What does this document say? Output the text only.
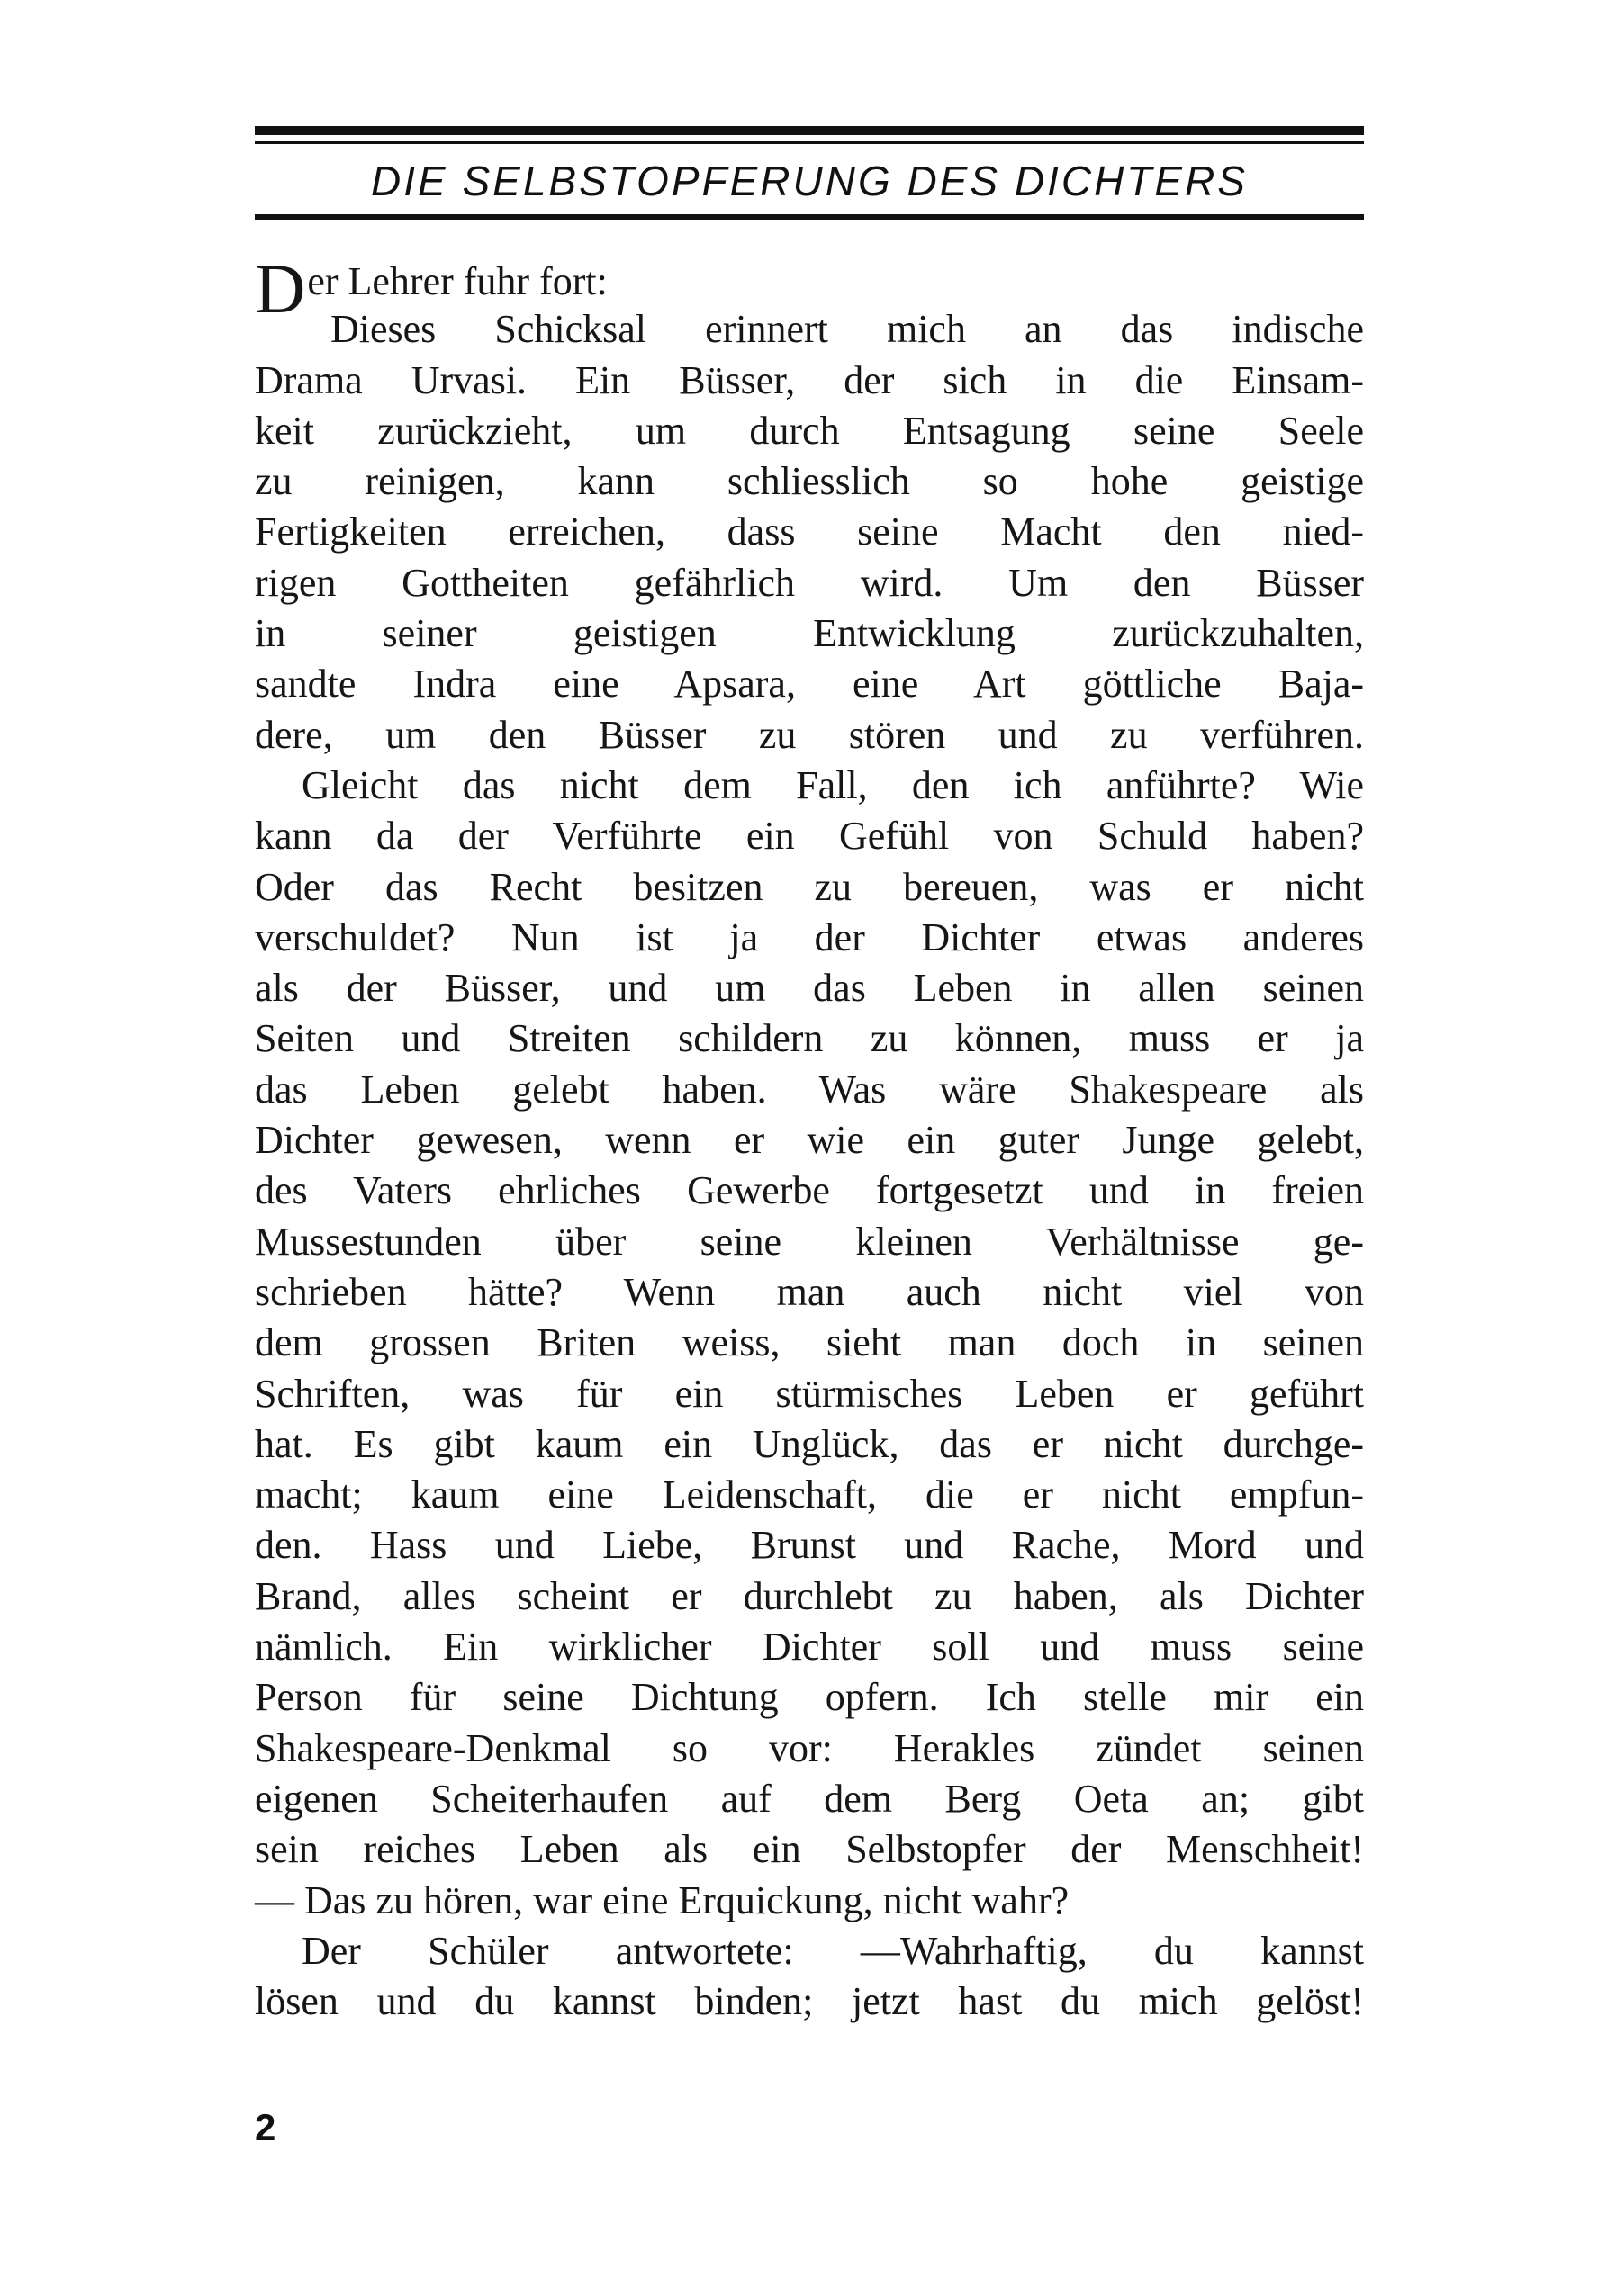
DIE SELBSTOPFERUNG DES DICHTERS
Der Lehrer fuhr fort:
Dieses Schicksal erinnert mich an das indische
Drama Urvasi. Ein Büsser, der sich in die Einsam-
keit zurückzieht, um durch Entsagung seine Seele
zu reinigen, kann schliesslich so hohe geistige
Fertigkeiten erreichen, dass seine Macht den nied-
rigen Gottheiten gefährlich wird. Um den Büsser
in seiner geistigen Entwicklung zurückzuhalten,
sandte Indra eine Apsara, eine Art göttliche Baja-
dere, um den Büsser zu stören und zu verführen.
Gleicht das nicht dem Fall, den ich anführte? Wie
kann da der Verführte ein Gefühl von Schuld haben?
Oder das Recht besitzen zu bereuen, was er nicht
verschuldet? Nun ist ja der Dichter etwas anderes
als der Büsser, und um das Leben in allen seinen
Seiten und Streiten schildern zu können, muss er ja
das Leben gelebt haben. Was wäre Shakespeare als
Dichter gewesen, wenn er wie ein guter Junge gelebt,
des Vaters ehrliches Gewerbe fortgesetzt und in freien
Mussestunden über seine kleinen Verhältnisse ge-
schrieben hätte? Wenn man auch nicht viel von
dem grossen Briten weiss, sieht man doch in seinen
Schriften, was für ein stürmisches Leben er geführt
hat. Es gibt kaum ein Unglück, das er nicht durchge-
macht; kaum eine Leidenschaft, die er nicht empfun-
den. Hass und Liebe, Brunst und Rache, Mord und
Brand, alles scheint er durchlebt zu haben, als Dichter
nämlich. Ein wirklicher Dichter soll und muss seine
Person für seine Dichtung opfern. Ich stelle mir ein
Shakespeare-Denkmal so vor: Herakles zündet seinen
eigenen Scheiterhaufen auf dem Berg Oeta an; gibt
sein reiches Leben als ein Selbstopfer der Menschheit!
— Das zu hören, war eine Erquickung, nicht wahr?
Der Schüler antwortete: —Wahrhaftig, du kannst
lösen und du kannst binden; jetzt hast du mich gelöst!
2
